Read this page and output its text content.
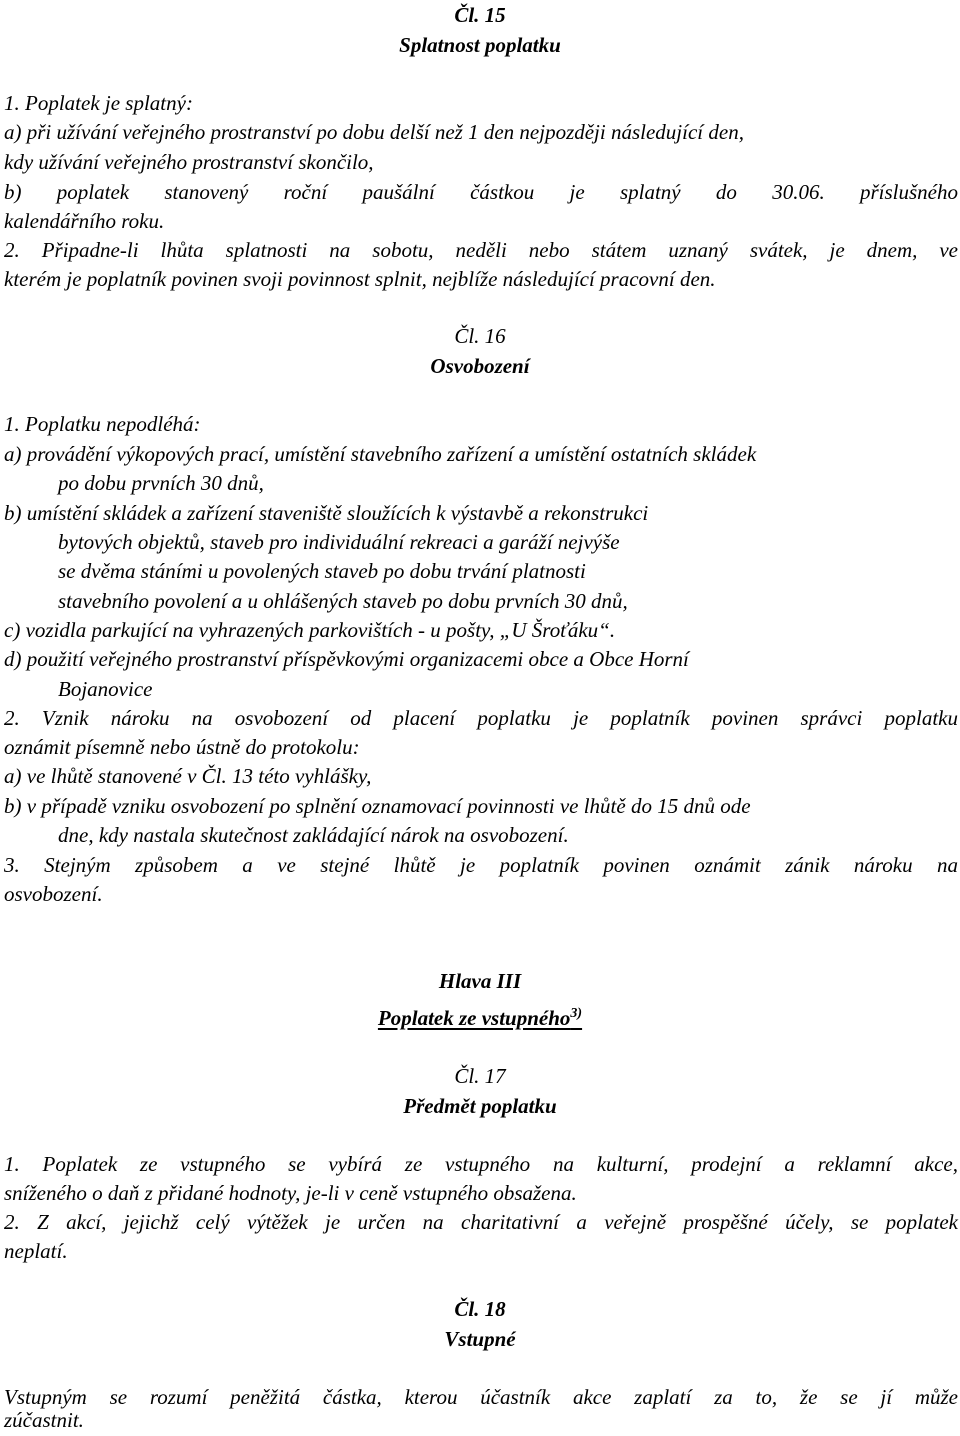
Čl. 15
Splatnost poplatku
1. Poplatek je splatný:
a) při užívání veřejného prostranství po dobu delší než 1 den nejpozději následující den,
kdy užívání veřejného prostranství skončilo,
b) poplatek stanovený roční paušální částkou je splatný do 30.06. příslušného
kalendářního roku.
2. Připadne-li lhůta splatnosti na sobotu, neděli nebo státem uznaný svátek, je dnem, ve
kterém je poplatník povinen svoji povinnost splnit, nejblíže následující pracovní den.
Čl. 16
Osvobození
1. Poplatku nepodléhá:
a) provádění výkopových prací, umístění stavebního zařízení a umístění ostatních skládek
po dobu prvních 30 dnů,
b) umístění skládek a zařízení staveniště sloužících k výstavbě a rekonstrukci
bytových objektů, staveb pro individuální rekreaci a garáží nejvýše
se dvěma stáními u povolených staveb po dobu trvání platnosti
stavebního povolení a u ohlášených staveb po dobu prvních 30 dnů,
c) vozidla parkující na vyhrazených parkovištích - u pošty, „U Šroťáku“.
d) použití veřejného prostranství příspěvkovými organizacemi obce a Obce Horní
Bojanovice
2. Vznik nároku na osvobození od placení poplatku je poplatník povinen správci poplatku
oznámit písemně nebo ústně do protokolu:
a) ve lhůtě stanovené v Čl. 13 této vyhlášky,
b) v případě vzniku osvobození po splnění oznamovací povinnosti ve lhůtě do 15 dnů ode
dne, kdy nastala skutečnost zakládající nárok na osvobození.
3. Stejným způsobem a ve stejné lhůtě je poplatník povinen oznámit zánik nároku na
osvobození.
Hlava III
Poplatek ze vstupného$^{3)}$
Čl. 17
Předmět poplatku
1. Poplatek ze vstupného se vybírá ze vstupného na kulturní, prodejní a reklamní akce,
sníženého o daň z přidané hodnoty, je-li v ceně vstupného obsažena.
2. Z akcí, jejichž celý výtěžek je určen na charitativní a veřejně prospěšné účely, se poplatek
neplatí.
Čl. 18
Vstupné
Vstupným se rozumí peněžitá částka, kterou účastník akce zaplatí za to, že se jí může
zúčastnit.
